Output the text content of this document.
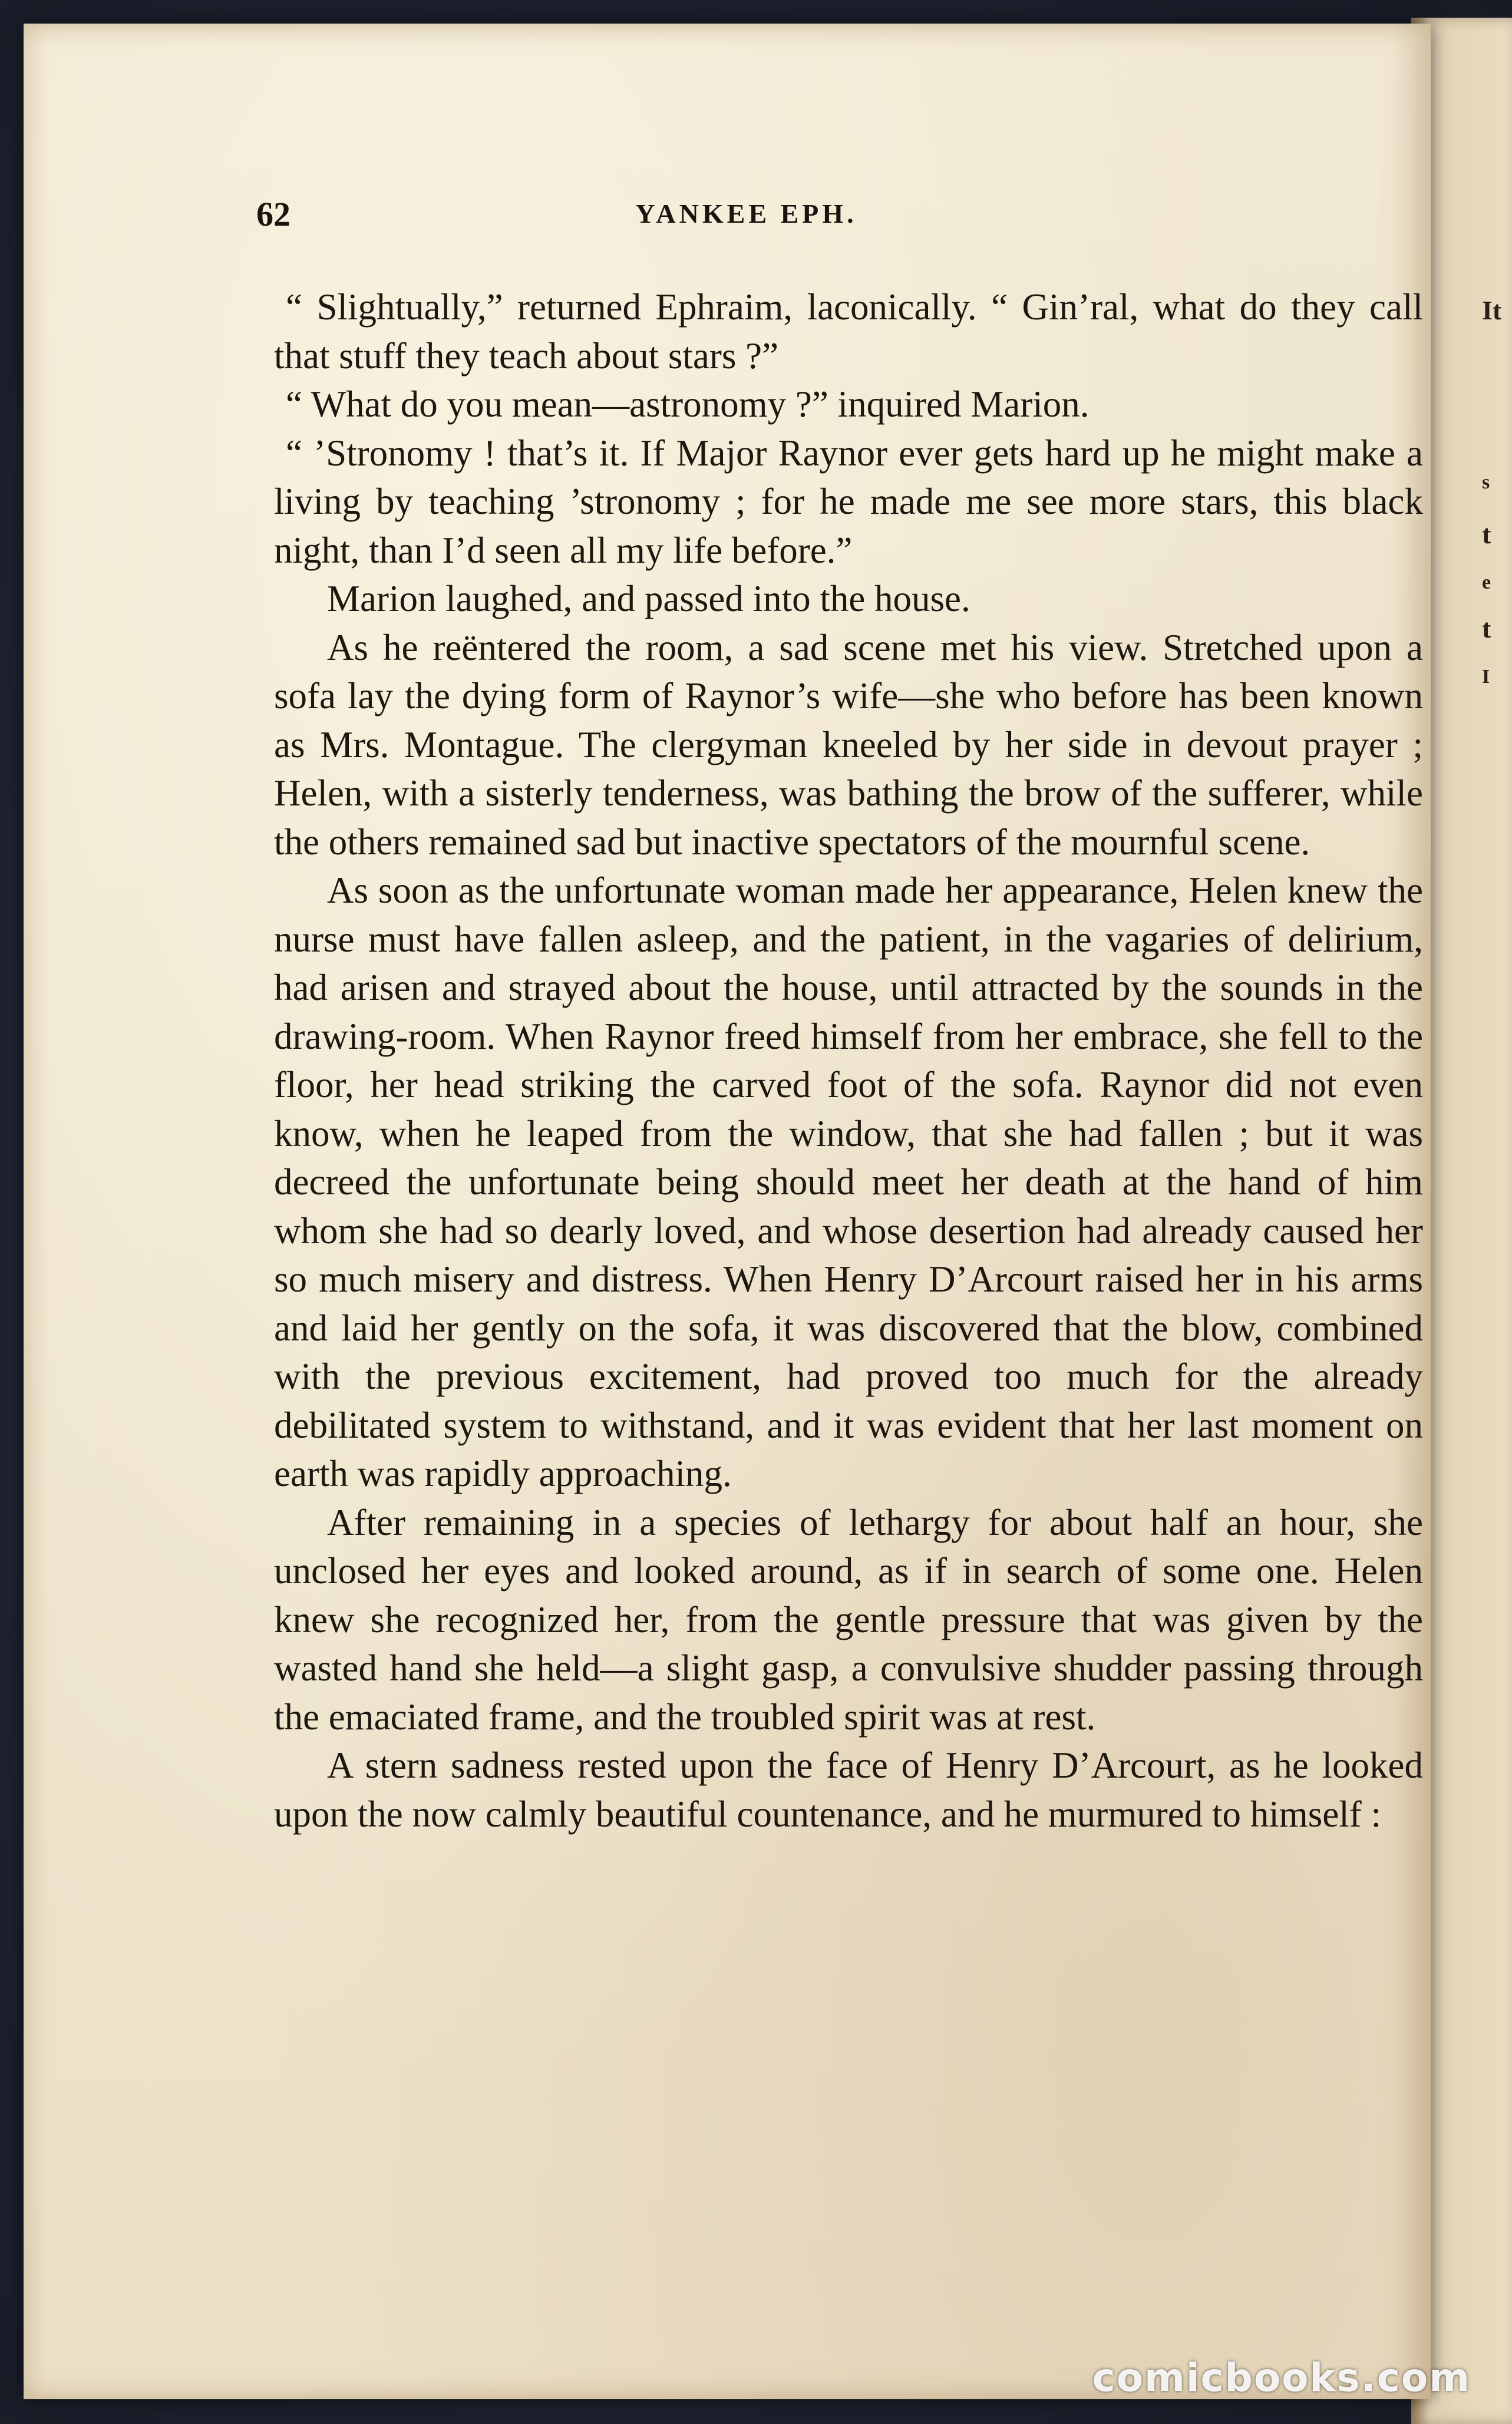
It
s
t
e
t
I
62	YANKEE EPH.

“ Slightually,” returned Ephraim, laconically. “ Gin’ral, what do they call that stuff they teach about stars ?”

“ What do you mean—astronomy ?” inquired Marion.

“ ’Stronomy ! that’s it. If Major Raynor ever gets hard up he might make a living by teaching ’stronomy ; for he made me see more stars, this black night, than I’d seen all my life before.”

Marion laughed, and passed into the house.

As he reëntered the room, a sad scene met his view. Stretched upon a sofa lay the dying form of Raynor’s wife—she who before has been known as Mrs. Montague. The clergyman kneeled by her side in devout prayer ; Helen, with a sisterly tenderness, was bathing the brow of the sufferer, while the others remained sad but inactive spectators of the mournful scene.

As soon as the unfortunate woman made her appearance, Helen knew the nurse must have fallen asleep, and the patient, in the vagaries of delirium, had arisen and strayed about the house, until attracted by the sounds in the drawing-room. When Raynor freed himself from her embrace, she fell to the floor, her head striking the carved foot of the sofa. Raynor did not even know, when he leaped from the window, that she had fallen ; but it was decreed the unfortunate being should meet her death at the hand of him whom she had so dearly loved, and whose desertion had already caused her so much misery and distress. When Henry D’Arcourt raised her in his arms and laid her gently on the sofa, it was discovered that the blow, combined with the previous excitement, had proved too much for the already debilitated system to withstand, and it was evident that her last moment on earth was rapidly approaching.

After remaining in a species of lethargy for about half an hour, she unclosed her eyes and looked around, as if in search of some one. Helen knew she recognized her, from the gentle pressure that was given by the wasted hand she held—a slight gasp, a convulsive shudder passing through the emaciated frame, and the troubled spirit was at rest.

A stern sadness rested upon the face of Henry D’Arcourt, as he looked upon the now calmly beautiful countenance, and he murmured to himself :

comicbooks.com
